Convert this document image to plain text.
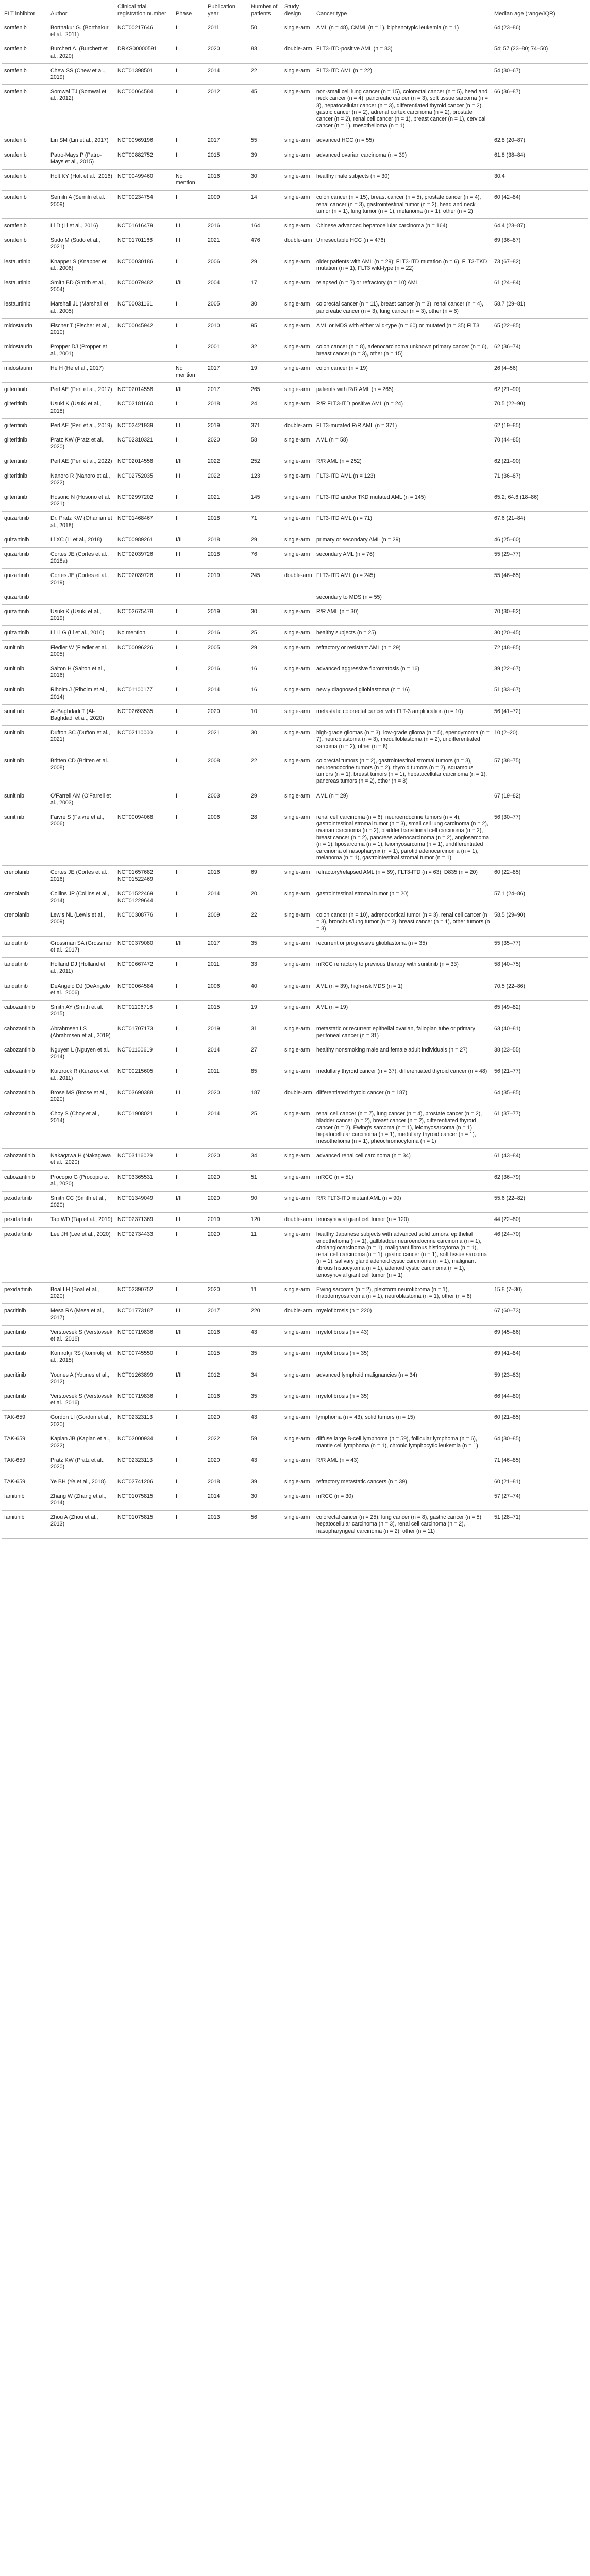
FLT inhibitor	Author	Clinical trial registration number	Phase	Publication year	Number of patients	Study design	Cancer type	Median age (range/IQR)
sorafenib	Borthakur G. (Borthakur et al., 2011)	NCT00217646	I	2011	50	single-arm	AML (n = 48), CMML (n = 1), biphenotypic leukemia (n = 1)	64 (23–86)
sorafenib	Burchert A. (Burchert et al., 2020)	DRKS00000591	II	2020	83	double-arm	FLT3-ITD-positive AML (n = 83)	54; 57 (23–80; 74–50)
sorafenib	Chew SS (Chew et al., 2019)	NCT01398501	I	2014	22	single-arm	FLT3-ITD AML (n = 22)	54 (30–67)
sorafenib	Somwal TJ (Somwal et al., 2012)	NCT00064584	II	2012	45	single-arm	non-small cell lung cancer (n = 15), colorectal cancer (n = 5), head and neck cancer (n = 4), pancreatic cancer (n = 3), soft tissue sarcoma (n = 3), hepatocellular cancer (n = 3), differentiated thyroid cancer (n = 2), gastric cancer (n = 2), adrenal cortex carcinoma (n = 2), prostate cancer (n = 2), renal cell cancer (n = 1), breast cancer (n = 1), cervical cancer (n = 1), mesothelioma (n = 1)	66 (36–87)
sorafenib	Lin SM (Lin et al., 2017)	NCT00969196	II	2017	55	single-arm	advanced HCC (n = 55)	62.8 (20–87)
sorafenib	Patro-Mays P (Patro-Mays et al., 2015)	NCT00882752	II	2015	39	single-arm	advanced ovarian carcinoma (n = 39)	61.8 (38–84)
sorafenib	Holt KY (Holt et al., 2016)	NCT00499460	No mention	2016	30	single-arm	healthy male subjects (n = 30)	30.4
sorafenib	Semiln A (Semiln et al., 2009)	NCT00234754	I	2009	14	single-arm	colon cancer (n = 15), breast cancer (n = 5), prostate cancer (n = 4), renal cancer (n = 3), gastrointestinal tumor (n = 2), head and neck tumor (n = 1), lung tumor (n = 1), melanoma (n = 1), other (n = 2)	60 (42–84)
sorafenib	Li D (Li et al., 2016)	NCT01616479	III	2016	164	single-arm	Chinese advanced hepatocellular carcinoma (n = 164)	64.4 (23–87)
sorafenib	Sudo M (Sudo et al., 2021)	NCT01701166	III	2021	476	double-arm	Unresectable HCC (n = 476)	69 (36–87)
lestaurtinib	Knapper S (Knapper et al., 2006)	NCT00030186	II	2006	29	single-arm	older patients with AML (n = 29); FLT3-ITD mutation (n = 6), FLT3-TKD mutation (n = 1), FLT3 wild-type (n = 22)	73 (67–82)
lestaurtinib	Smith BD (Smith et al., 2004)	NCT00079482	I/II	2004	17	single-arm	relapsed (n = 7) or refractory (n = 10) AML	61 (24–84)
lestaurtinib	Marshall JL (Marshall et al., 2005)	NCT00031161	I	2005	30	single-arm	colorectal cancer (n = 11), breast cancer (n = 3), renal cancer (n = 4), pancreatic cancer (n = 3), lung cancer (n = 3), other (n = 6)	58.7 (29–81)
midostaurin	Fischer T (Fischer et al., 2010)	NCT00045942	II	2010	95	single-arm	AML or MDS with either wild-type (n = 60) or mutated (n = 35) FLT3	65 (22–85)
midostaurin	Propper DJ (Propper et al., 2001)		I	2001	32	single-arm	colon cancer (n = 8), adenocarcinoma unknown primary cancer (n = 6), breast cancer (n = 3), other (n = 15)	62 (36–74)
midostaurin	He H (He et al., 2017)		No mention	2017	19	single-arm	colon cancer (n = 19)	26 (4–56)
gilteritinib	Perl AE (Perl et al., 2017)	NCT02014558	I/II	2017	265	single-arm	patients with R/R AML (n = 265)	62 (21–90)
gilteritinib	Usuki K (Usuki et al., 2018)	NCT02181660	I	2018	24	single-arm	R/R FLT3-ITD positive AML (n = 24)	70.5 (22–90)
gilteritinib	Perl AE (Perl et al., 2019)	NCT02421939	III	2019	371	double-arm	FLT3-mutated R/R AML (n = 371)	62 (19–85)
gilteritinib	Pratz KW (Pratz et al., 2020)	NCT02310321	I	2020	58	single-arm	AML (n = 58)	70 (44–85)
gilteritinib	Perl AE (Perl et al., 2022)	NCT02014558	I/II	2022	252	single-arm	R/R AML (n = 252)	62 (21–90)
gilteritinib	Nanoro R (Nanoro et al., 2022)	NCT02752035	III	2022	123	single-arm	FLT3-ITD AML (n = 123)	71 (36–87)
gilteritinib	Hosono N (Hosono et al., 2021)	NCT02997202	II	2021	145	single-arm	FLT3-ITD and/or TKD mutated AML (n = 145)	65.2; 64.6 (18–86)
quizartinib	Dr. Pratz KW (Ohanian et al., 2018)	NCT01468467	II	2018	71	single-arm	FLT3-ITD AML (n = 71)	67.6 (21–84)
quizartinib	Li XC (Li et al., 2018)	NCT00989261	I/II	2018	29	single-arm	primary or secondary AML (n = 29)	46 (25–60)
quizartinib	Cortes JE (Cortes et al., 2018a)	NCT02039726	III	2018	76	single-arm	secondary AML (n = 76)	55 (29–77)
quizartinib	Cortes JE (Cortes et al., 2019)	NCT02039726	III	2019	245	double-arm	FLT3-ITD AML (n = 245)	55 (46–65)
quizartinib							secondary to MDS (n = 55)	
quizartinib	Usuki K (Usuki et al., 2019)	NCT02675478	II	2019	30	single-arm	R/R AML (n = 30)	70 (30–82)
quizartinib	Li Li G (Li et al., 2016)	No mention	I	2016	25	single-arm	healthy subjects (n = 25)	30 (20–45)
sunitinib	Fiedler W (Fiedler et al., 2005)	NCT00096226	I	2005	29	single-arm	refractory or resistant AML (n = 29)	72 (48–85)
sunitinib	Salton H (Salton et al., 2016)		II	2016	16	single-arm	advanced aggressive fibromatosis (n = 16)	39 (22–67)
sunitinib	Riholm J (Riholm et al., 2014)	NCT01100177	II	2014	16	single-arm	newly diagnosed glioblastoma (n = 16)	51 (33–67)
sunitinib	Al-Baghdadi T (Al-Baghdadi et al., 2020)	NCT02693535	II	2020	10	single-arm	metastatic colorectal cancer with FLT-3 amplification (n = 10)	56 (41–72)
sunitinib	Dufton SC (Dufton et al., 2021)	NCT02110000	II	2021	30	single-arm	high-grade gliomas (n = 3), low-grade glioma (n = 5), ependymoma (n = 7), neuroblastoma (n = 3), medulloblastoma (n = 2), undifferentiated sarcoma (n = 2), other (n = 8)	10 (2–20)
sunitinib	Britten CD (Britten et al., 2008)		I	2008	22	single-arm	colorectal tumors (n = 2), gastrointestinal stromal tumors (n = 3), neuroendocrine tumors (n = 2), thyroid tumors (n = 2), squamous tumors (n = 1), breast tumors (n = 1), hepatocellular carcinoma (n = 1), pancreas tumors (n = 2), other (n = 8)	57 (38–75)
sunitinib	O'Farrell AM (O'Farrell et al., 2003)		I	2003	29	single-arm	AML (n = 29)	67 (19–82)
sunitinib	Faivre S (Faivre et al., 2006)	NCT00094068	I	2006	28	single-arm	renal cell carcinoma (n = 6), neuroendocrine tumors (n = 4), gastrointestinal stromal tumor (n = 3), small cell lung carcinoma (n = 2), ovarian carcinoma (n = 2), bladder transitional cell carcinoma (n = 2), breast cancer (n = 2), pancreas adenocarcinoma (n = 2), angiosarcoma (n = 1), liposarcoma (n = 1), leiomyosarcoma (n = 1), undifferentiated carcinoma of nasopharynx (n = 1), parotid adenocarcinoma (n = 1), melanoma (n = 1), gastrointestinal stromal tumor (n = 1)	56 (30–77)
crenolanib	Cortes JE (Cortes et al., 2016)	NCT01657682 NCT01522469	II	2016	69	single-arm	refractory/relapsed AML (n = 69), FLT3-ITD (n = 63), D835 (n = 20)	60 (22–85)
crenolanib	Collins JP (Collins et al., 2014)	NCT01522469 NCT01229644	II	2014	20	single-arm	gastrointestinal stromal tumor (n = 20)	57.1 (24–86)
crenolanib	Lewis NL (Lewis et al., 2009)	NCT00308776	I	2009	22	single-arm	colon cancer (n = 10), adrenocortical tumor (n = 3), renal cell cancer (n = 3), bronchus/lung tumor (n = 2), breast cancer (n = 1), other tumors (n = 3)	58.5 (29–90)
tandutinib	Grossman SA (Grossman et al., 2017)	NCT00379080	I/II	2017	35	single-arm	recurrent or progressive glioblastoma (n = 35)	55 (35–77)
tandutinib	Holland DJ (Holland et al., 2011)	NCT00667472	II	2011	33	single-arm	mRCC refractory to previous therapy with sunitinib (n = 33)	58 (40–75)
tandutinib	DeAngelo DJ (DeAngelo et al., 2006)	NCT00064584	I	2006	40	single-arm	AML (n = 39), high-risk MDS (n = 1)	70.5 (22–86)
cabozantinib	Smith AY (Smith et al., 2015)	NCT01106716	II	2015	19	single-arm	AML (n = 19)	65 (49–82)
cabozantinib	Abrahmsen LS (Abrahmsen et al., 2019)	NCT01707173	II	2019	31	single-arm	metastatic or recurrent epithelial ovarian, fallopian tube or primary peritoneal cancer (n = 31)	63 (40–81)
cabozantinib	Nguyen L (Nguyen et al., 2014)	NCT01100619	I	2014	27	single-arm	healthy nonsmoking male and female adult individuals (n = 27)	38 (23–55)
cabozantinib	Kurzrock R (Kurzrock et al., 2011)	NCT00215605	I	2011	85	single-arm	medullary thyroid cancer (n = 37), differentiated thyroid cancer (n = 48)	56 (21–77)
cabozantinib	Brose MS (Brose et al., 2020)	NCT03690388	III	2020	187	double-arm	differentiated thyroid cancer (n = 187)	64 (35–85)
cabozantinib	Choy S (Choy et al., 2014)	NCT01908021	I	2014	25	single-arm	renal cell cancer (n = 7), lung cancer (n = 4), prostate cancer (n = 2), bladder cancer (n = 2), breast cancer (n = 2), differentiated thyroid cancer (n = 2), Ewing's sarcoma (n = 1), leiomyosarcoma (n = 1), hepatocellular carcinoma (n = 1), medullary thyroid cancer (n = 1), mesothelioma (n = 1), pheochromocytoma (n = 1)	61 (37–77)
cabozantinib	Nakagawa H (Nakagawa et al., 2020)	NCT03116029	II	2020	34	single-arm	advanced renal cell carcinoma (n = 34)	61 (43–84)
cabozantinib	Procopio G (Procopio et al., 2020)	NCT03365531	II	2020	51	single-arm	mRCC (n = 51)	62 (36–79)
pexidartinib	Smith CC (Smith et al., 2020)	NCT01349049	I/II	2020	90	single-arm	R/R FLT3-ITD mutant AML (n = 90)	55.6 (22–82)
pexidartinib	Tap WD (Tap et al., 2019)	NCT02371369	III	2019	120	double-arm	tenosynovial giant cell tumor (n = 120)	44 (22–80)
pexidartinib	Lee JH (Lee et al., 2020)	NCT02734433	I	2020	11	single-arm	healthy Japanese subjects with advanced solid tumors: epithelial endothelioma (n = 1), gallbladder neuroendocrine carcinoma (n = 1), cholangiocarcinoma (n = 1), malignant fibrous histiocytoma (n = 1), renal cell carcinoma (n = 1), gastric cancer (n = 1), soft tissue sarcoma (n = 1), salivary gland adenoid cystic carcinoma (n = 1), malignant fibrous histiocytoma (n = 1), adenoid cystic carcinoma (n = 1), tenosynovial giant cell tumor (n = 1)	46 (24–70)
pexidartinib	Boal LH (Boal et al., 2020)	NCT02390752	I	2020	11	single-arm	Ewing sarcoma (n = 2), plexiform neurofibroma (n = 1), rhabdomyosarcoma (n = 1), neuroblastoma (n = 1), other (n = 6)	15.8 (7–30)
pacritinib	Mesa RA (Mesa et al., 2017)	NCT01773187	III	2017	220	double-arm	myelofibrosis (n = 220)	67 (60–73)
pacritinib	Verstovsek S (Verstovsek et al., 2016)	NCT00719836	I/II	2016	43	single-arm	myelofibrosis (n = 43)	69 (45–86)
pacritinib	Komrokji RS (Komrokji et al., 2015)	NCT00745550	II	2015	35	single-arm	myelofibrosis (n = 35)	69 (41–84)
pacritinib	Younes A (Younes et al., 2012)	NCT01263899	I/II	2012	34	single-arm	advanced lymphoid malignancies (n = 34)	59 (23–83)
pacritinib	Verstovsek S (Verstovsek et al., 2016)	NCT00719836	II	2016	35	single-arm	myelofibrosis (n = 35)	66 (44–80)
TAK-659	Gordon LI (Gordon et al., 2020)	NCT02323113	I	2020	43	single-arm	lymphoma (n = 43), solid tumors (n = 15)	60 (21–85)
TAK-659	Kaplan JB (Kaplan et al., 2022)	NCT02000934	II	2022	59	single-arm	diffuse large B-cell lymphoma (n = 59), follicular lymphoma (n = 6), mantle cell lymphoma (n = 1), chronic lymphocytic leukemia (n = 1)	64 (30–85)
TAK-659	Pratz KW (Pratz et al., 2020)	NCT02323113	I	2020	43	single-arm	R/R AML (n = 43)	71 (46–85)
TAK-659	Ye BH (Ye et al., 2018)	NCT02741206	I	2018	39	single-arm	refractory metastatic cancers (n = 39)	60 (21–81)
famitinib	Zhang W (Zhang et al., 2014)	NCT01075815	II	2014	30	single-arm	mRCC (n = 30)	57 (27–74)
famitinib	Zhou A (Zhou et al., 2013)	NCT01075815	I	2013	56	single-arm	colorectal cancer (n = 25), lung cancer (n = 8), gastric cancer (n = 5), hepatocellular carcinoma (n = 3), renal cell carcinoma (n = 2), nasopharyngeal carcinoma (n = 2), other (n = 11)	51 (28–71)
